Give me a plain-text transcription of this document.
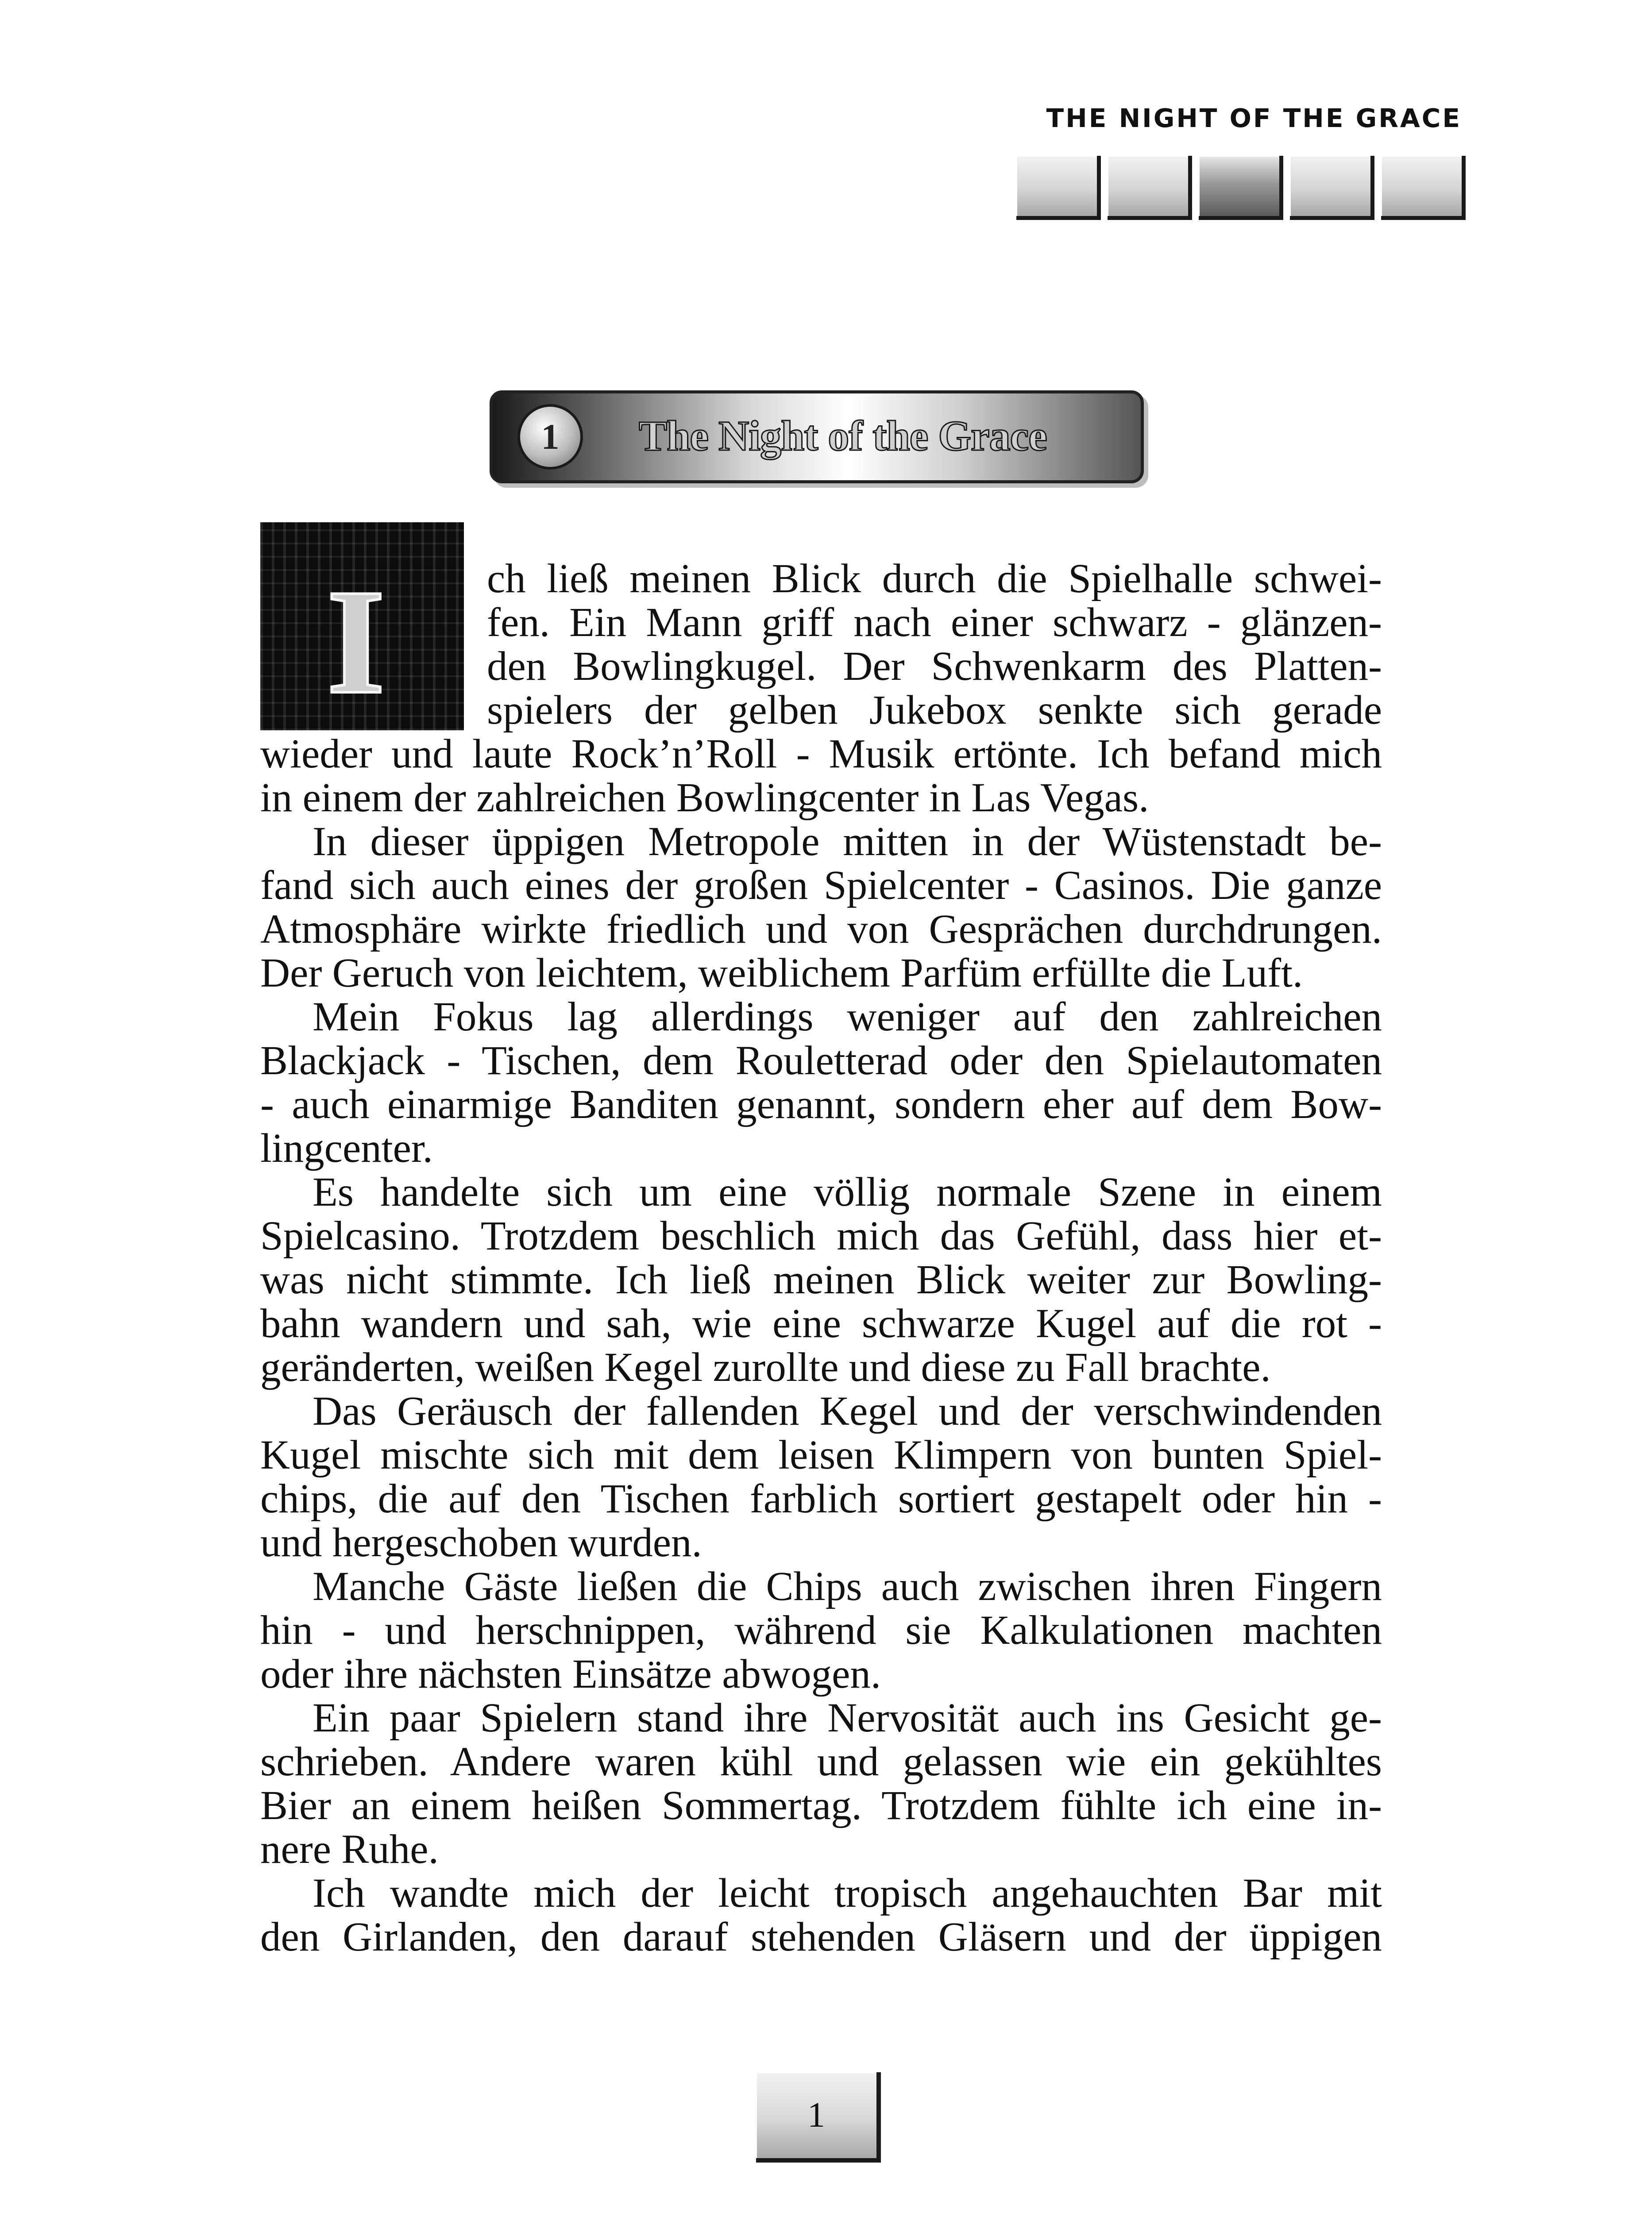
THE NIGHT OF THE GRACE
1	The Night of the Grace
I ch ließ meinen Blick durch die Spielhalle schwei-
fen. Ein Mann griff nach einer schwarz - glänzen-
den Bowlingkugel. Der Schwenkarm des Platten-
spielers der gelben Jukebox senkte sich gerade
wieder und laute Rock’n’Roll - Musik ertönte. Ich befand mich
in einem der zahlreichen Bowlingcenter in Las Vegas.
In dieser üppigen Metropole mitten in der Wüstenstadt be-
fand sich auch eines der großen Spielcenter - Casinos. Die ganze
Atmosphäre wirkte friedlich und von Gesprächen durchdrungen.
Der Geruch von leichtem, weiblichem Parfüm erfüllte die Luft.
Mein Fokus lag allerdings weniger auf den zahlreichen
Blackjack - Tischen, dem Rouletterad oder den Spielautomaten
- auch einarmige Banditen genannt, sondern eher auf dem Bow-
lingcenter.
Es handelte sich um eine völlig normale Szene in einem
Spielcasino. Trotzdem beschlich mich das Gefühl, dass hier et-
was nicht stimmte. Ich ließ meinen Blick weiter zur Bowling-
bahn wandern und sah, wie eine schwarze Kugel auf die rot -
geränderten, weißen Kegel zurollte und diese zu Fall brachte.
Das Geräusch der fallenden Kegel und der verschwindenden
Kugel mischte sich mit dem leisen Klimpern von bunten Spiel-
chips, die auf den Tischen farblich sortiert gestapelt oder hin -
und hergeschoben wurden.
Manche Gäste ließen die Chips auch zwischen ihren Fingern
hin - und herschnippen, während sie Kalkulationen machten
oder ihre nächsten Einsätze abwogen.
Ein paar Spielern stand ihre Nervosität auch ins Gesicht ge-
schrieben. Andere waren kühl und gelassen wie ein gekühltes
Bier an einem heißen Sommertag. Trotzdem fühlte ich eine in-
nere Ruhe.
Ich wandte mich der leicht tropisch angehauchten Bar mit
den Girlanden, den darauf stehenden Gläsern und der üppigen
1
